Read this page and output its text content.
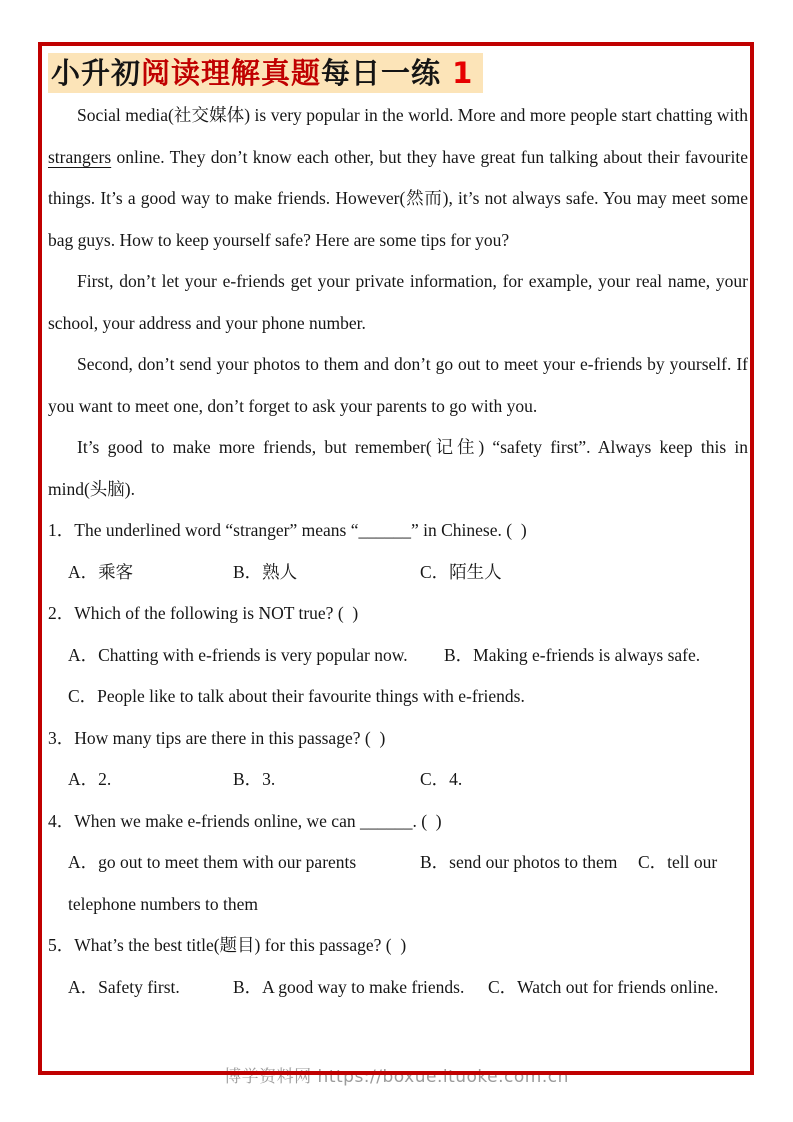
小升初阅读理解真题每日一练 1

Social media(社交媒体) is very popular in the world. More and more people start chatting with strangers online. They don’t know each other, but they have great fun talking about their favourite things. It’s a good way to make friends. However(然而), it’s not always safe. You may meet some bag guys. How to keep yourself safe? Here are some tips for you?

First, don’t let your e-friends get your private information, for example, your real name, your school, your address and your phone number.

Second, don’t send your photos to them and don’t go out to meet your e-friends by yourself. If you want to meet one, don’t forget to ask your parents to go with you.

It’s good to make more friends, but remember(记住) “safety first”. Always keep this in mind(头脑).

1．The underlined word “stranger” means “______” in Chinese. (  )
A．乘客	B．熟人	C．陌生人
2．Which of the following is NOT true? (  )
A．Chatting with e-friends is very popular now. B．Making e-friends is always safe.
C．People like to talk about their favourite things with e-friends.
3．How many tips are there in this passage? (  )
A．2.	B．3.	C．4.
4．When we make e-friends online, we can ______. (  )
A．go out to meet them with our parents	B．send our photos to them C．tell our
telephone numbers to them
5．What’s the best title(题目) for this passage? (  )
A．Safety first.	B．A good way to make friends. C．Watch out for friends online.
博学资料网 https://boxue.ituoke.com.cn
